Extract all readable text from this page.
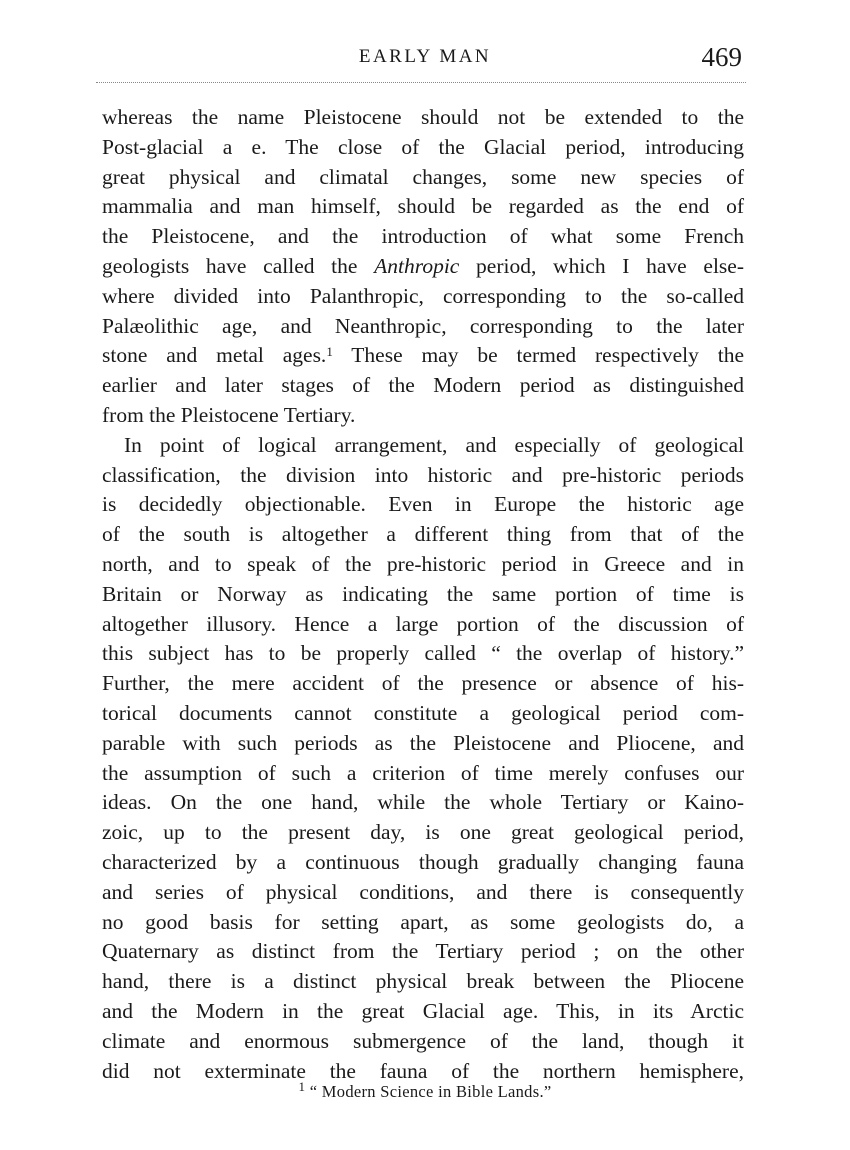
EARLY MAN	469
whereas the name Pleistocene should not be extended to the
Post-glacial a e. The close of the Glacial period, introducing
great physical and climatal changes, some new species of
mammalia and man himself, should be regarded as the end of
the Pleistocene, and the introduction of what some French
geologists have called the Anthropic period, which I have else-
where divided into Palanthropic, corresponding to the so-called
Palæolithic age, and Neanthropic, corresponding to the later
stone and metal ages.$^1$ These may be termed respectively the
earlier and later stages of the Modern period as distinguished
from the Pleistocene Tertiary.
In point of logical arrangement, and especially of geological
classification, the division into historic and pre-historic periods
is decidedly objectionable. Even in Europe the historic age
of the south is altogether a different thing from that of the
north, and to speak of the pre-historic period in Greece and in
Britain or Norway as indicating the same portion of time is
altogether illusory. Hence a large portion of the discussion of
this subject has to be properly called “ the overlap of history.”
Further, the mere accident of the presence or absence of his-
torical documents cannot constitute a geological period com-
parable with such periods as the Pleistocene and Pliocene, and
the assumption of such a criterion of time merely confuses our
ideas. On the one hand, while the whole Tertiary or Kaino-
zoic, up to the present day, is one great geological period,
characterized by a continuous though gradually changing fauna
and series of physical conditions, and there is consequently
no good basis for setting apart, as some geologists do, a
Quaternary as distinct from the Tertiary period ; on the other
hand, there is a distinct physical break between the Pliocene
and the Modern in the great Glacial age. This, in its Arctic
climate and enormous submergence of the land, though it
did not exterminate the fauna of the northern hemisphere,
$^1$ “ Modern Science in Bible Lands.”
